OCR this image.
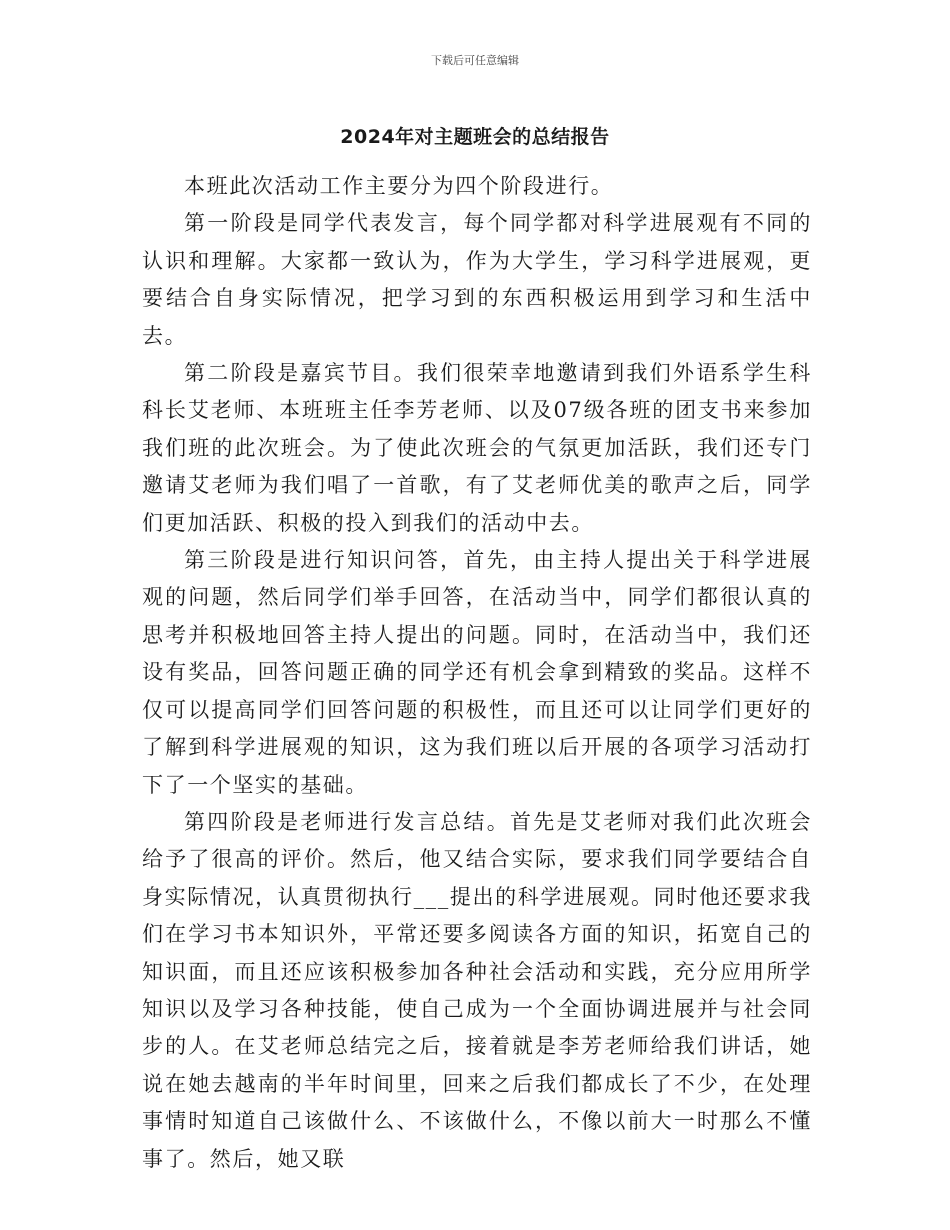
下载后可任意编辑
2024年对主题班会的总结报告

本班此次活动工作主要分为四个阶段进行。

第一阶段是同学代表发言，每个同学都对科学进展观有不同的认识和理解。大家都一致认为，作为大学生，学习科学进展观，更要结合自身实际情况，把学习到的东西积极运用到学习和生活中去。

第二阶段是嘉宾节目。我们很荣幸地邀请到我们外语系学生科科长艾老师、本班班主任李芳老师、以及07级各班的团支书来参加我们班的此次班会。为了使此次班会的气氛更加活跃，我们还专门邀请艾老师为我们唱了一首歌，有了艾老师优美的歌声之后，同学们更加活跃、积极的投入到我们的活动中去。

第三阶段是进行知识问答，首先，由主持人提出关于科学进展观的问题，然后同学们举手回答，在活动当中，同学们都很认真的思考并积极地回答主持人提出的问题。同时，在活动当中，我们还设有奖品，回答问题正确的同学还有机会拿到精致的奖品。这样不仅可以提高同学们回答问题的积极性，而且还可以让同学们更好的了解到科学进展观的知识，这为我们班以后开展的各项学习活动打下了一个坚实的基础。

第四阶段是老师进行发言总结。首先是艾老师对我们此次班会给予了很高的评价。然后，他又结合实际，要求我们同学要结合自身实际情况，认真贯彻执行___提出的科学进展观。同时他还要求我们在学习书本知识外，平常还要多阅读各方面的知识，拓宽自己的知识面，而且还应该积极参加各种社会活动和实践，充分应用所学知识以及学习各种技能，使自己成为一个全面协调进展并与社会同步的人。在艾老师总结完之后，接着就是李芳老师给我们讲话，她说在她去越南的半年时间里，回来之后我们都成长了不少，在处理事情时知道自己该做什么、不该做什么，不像以前大一时那么不懂事了。然后，她又联
